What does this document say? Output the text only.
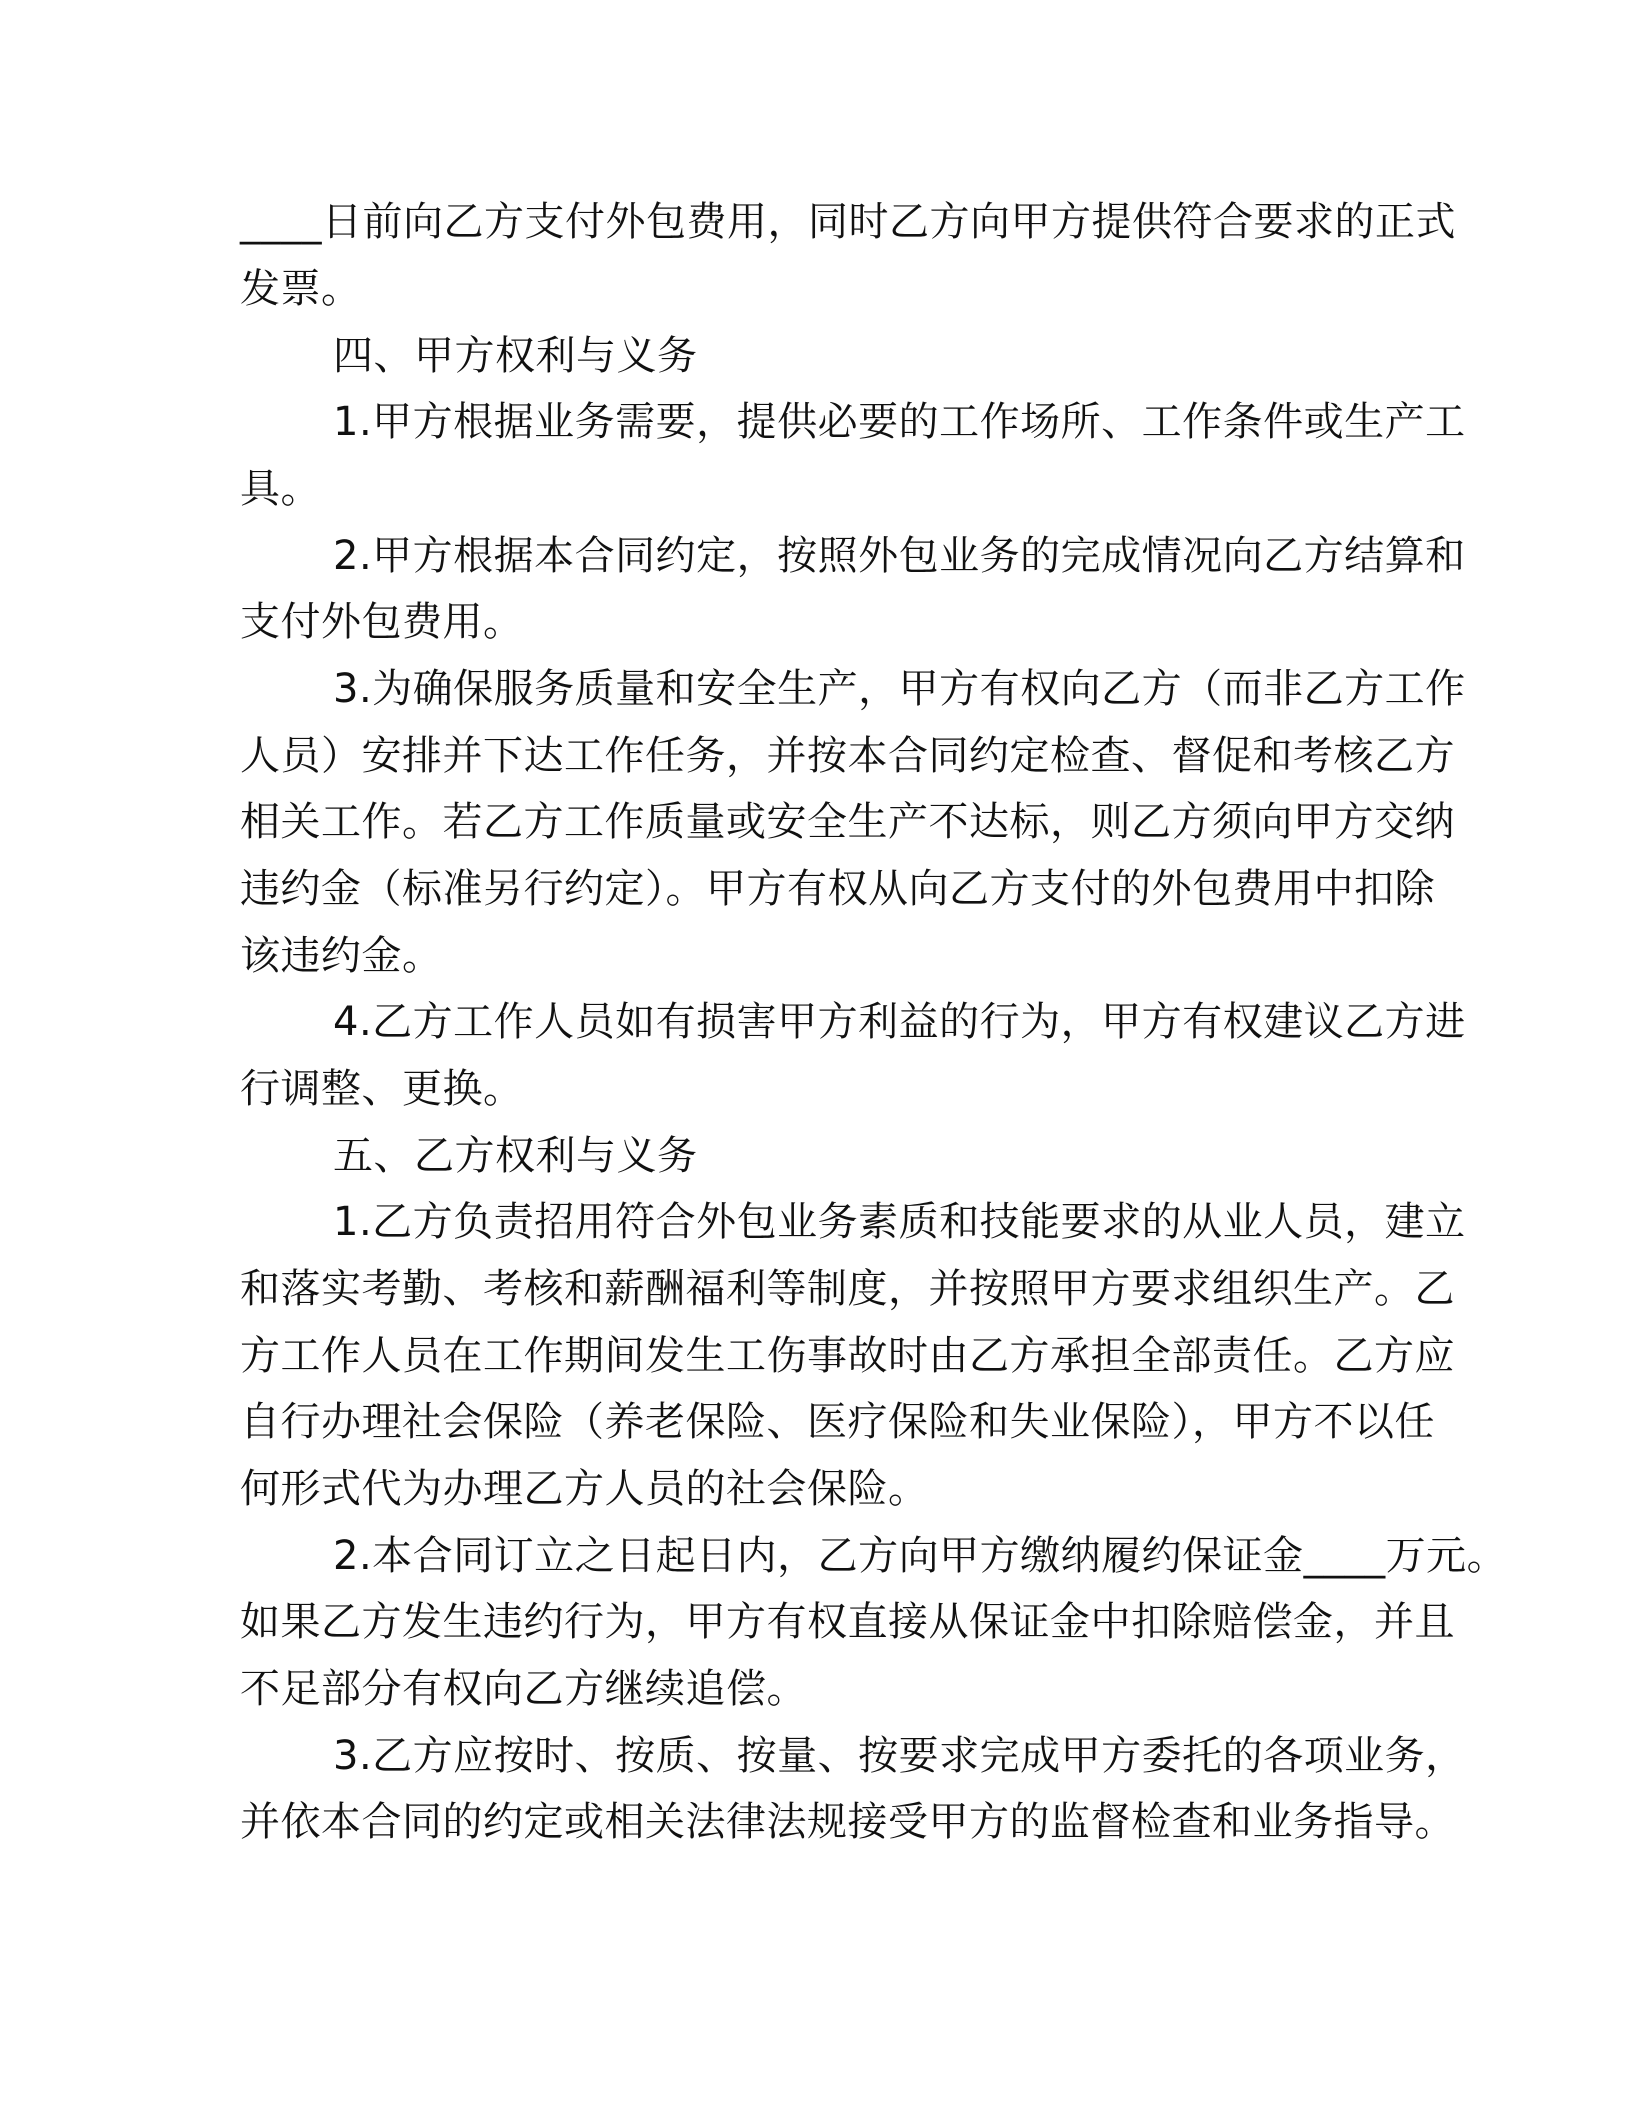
____日前向乙方支付外包费用，同时乙方向甲方提供符合要求的正式
发票。
四、甲方权利与义务
1.甲方根据业务需要，提供必要的工作场所、工作条件或生产工
具。
2.甲方根据本合同约定，按照外包业务的完成情况向乙方结算和
支付外包费用。
3.为确保服务质量和安全生产，甲方有权向乙方（而非乙方工作
人员）安排并下达工作任务，并按本合同约定检查、督促和考核乙方
相关工作。若乙方工作质量或安全生产不达标，则乙方须向甲方交纳
违约金（标准另行约定）。甲方有权从向乙方支付的外包费用中扣除
该违约金。
4.乙方工作人员如有损害甲方利益的行为，甲方有权建议乙方进
行调整、更换。
五、乙方权利与义务
1.乙方负责招用符合外包业务素质和技能要求的从业人员，建立
和落实考勤、考核和薪酬福利等制度，并按照甲方要求组织生产。乙
方工作人员在工作期间发生工伤事故时由乙方承担全部责任。乙方应
自行办理社会保险（养老保险、医疗保险和失业保险），甲方不以任
何形式代为办理乙方人员的社会保险。
2.本合同订立之日起日内，乙方向甲方缴纳履约保证金____万元。
如果乙方发生违约行为，甲方有权直接从保证金中扣除赔偿金，并且
不足部分有权向乙方继续追偿。
3.乙方应按时、按质、按量、按要求完成甲方委托的各项业务，
并依本合同的约定或相关法律法规接受甲方的监督检查和业务指导。
